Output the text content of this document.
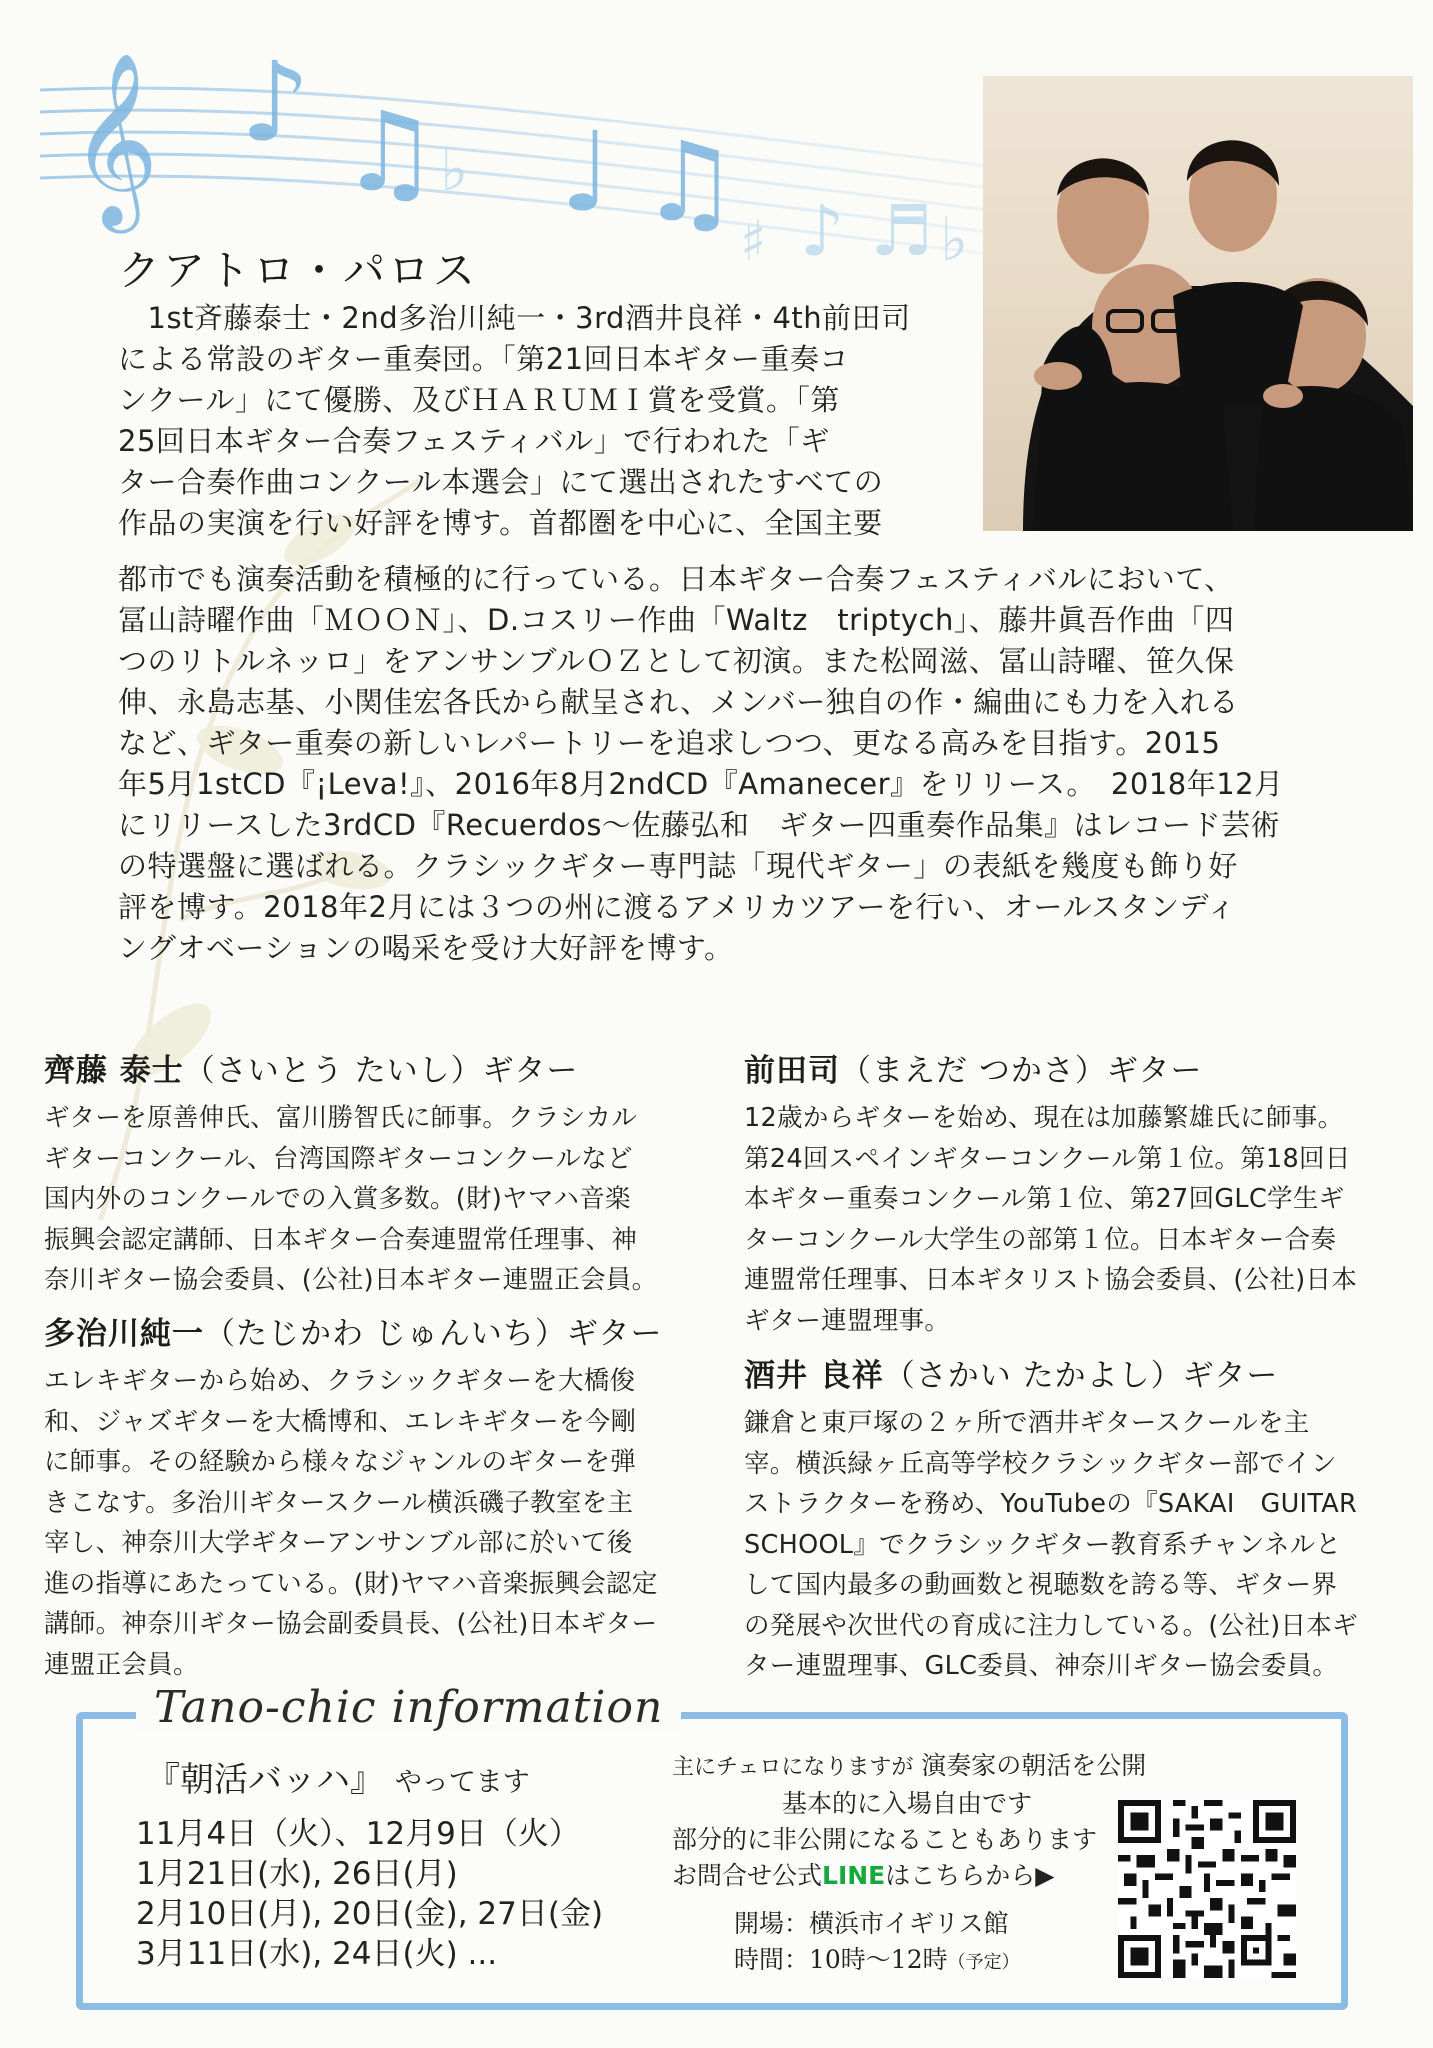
𝄞 ♪ ♫ ♩ ♫
♭
♯ ♪ ♬ ♭
クアトロ・パロス

　1st斉藤泰士・2nd多治川純一・3rd酒井良祥・4th前田司

による常設のギター重奏団。「第21回日本ギター重奏コ

ンクール」にて優勝、及びＨＡＲＵＭＩ賞を受賞。「第

25回日本ギター合奏フェスティバル」で行われた「ギ

ター合奏作曲コンクール本選会」にて選出されたすべての

作品の実演を行い好評を博す。首都圏を中心に、全国主要

都市でも演奏活動を積極的に行っている。日本ギター合奏フェスティバルにおいて、

冨山詩曜作曲「ＭＯＯＮ」、D.コスリー作曲「Waltz　triptych」、藤井眞吾作曲「四

つのリトルネッロ」をアンサンブルＯＺとして初演。また松岡滋、冨山詩曜、笹久保

伸、永島志基、小関佳宏各氏から献呈され、メンバー独自の作・編曲にも力を入れる

など、ギター重奏の新しいレパートリーを追求しつつ、更なる高みを目指す。2015

年5月1stCD『¡Leva!』、2016年8月2ndCD『Amanecer』をリリース。　2018年12月

にリリースした3rdCD『Recuerdos～佐藤弘和　ギター四重奏作品集』はレコード芸術

の特選盤に選ばれる。クラシックギター専門誌「現代ギター」の表紙を幾度も飾り好

評を博す。2018年2月には３つの州に渡るアメリカツアーを行い、オールスタンディ

ングオベーションの喝采を受け大好評を博す。

齊藤 泰士（さいとう たいし）ギター

ギターを原善伸氏、富川勝智氏に師事。クラシカル

ギターコンクール、台湾国際ギターコンクールなど

国内外のコンクールでの入賞多数。(財)ヤマハ音楽

振興会認定講師、日本ギター合奏連盟常任理事、神

奈川ギター協会委員、(公社)日本ギター連盟正会員。

多治川純一（たじかわ じゅんいち）ギター

エレキギターから始め、クラシックギターを大橋俊

和、ジャズギターを大橋博和、エレキギターを今剛

に師事。その経験から様々なジャンルのギターを弾

きこなす。多治川ギタースクール横浜磯子教室を主

宰し、神奈川大学ギターアンサンブル部に於いて後

進の指導にあたっている。(財)ヤマハ音楽振興会認定

講師。神奈川ギター協会副委員長、(公社)日本ギター

連盟正会員。

前田司（まえだ つかさ）ギター

12歳からギターを始め、現在は加藤繁雄氏に師事。

第24回スペインギターコンクール第１位。第18回日

本ギター重奏コンクール第１位、第27回GLC学生ギ

ターコンクール大学生の部第１位。日本ギター合奏

連盟常任理事、日本ギタリスト協会委員、(公社)日本

ギター連盟理事。

酒井 良祥（さかい たかよし）ギター

鎌倉と東戸塚の２ヶ所で酒井ギタースクールを主

宰。横浜緑ヶ丘高等学校クラシックギター部でイン

ストラクターを務め、YouTubeの『SAKAI　GUITAR

SCHOOL』でクラシックギター教育系チャンネルと

して国内最多の動画数と視聴数を誇る等、ギター界

の発展や次世代の育成に注力している。(公社)日本ギ

ター連盟理事、GLC委員、神奈川ギター協会委員。

Tano-chic information
『朝活バッハ』 やってます

11月4日（火）、12月9日（火）

1月21日(水), 26日(月)

2月10日(月), 20日(金), 27日(金)

3月11日(水), 24日(火) ...

主にチェロになりますが 演奏家の朝活を公開

基本的に入場自由です

部分的に非公開になることもあります

お問合せ公式LINEはこちらから▶

開場：横浜市イギリス館

時間：10時～12時（予定）
